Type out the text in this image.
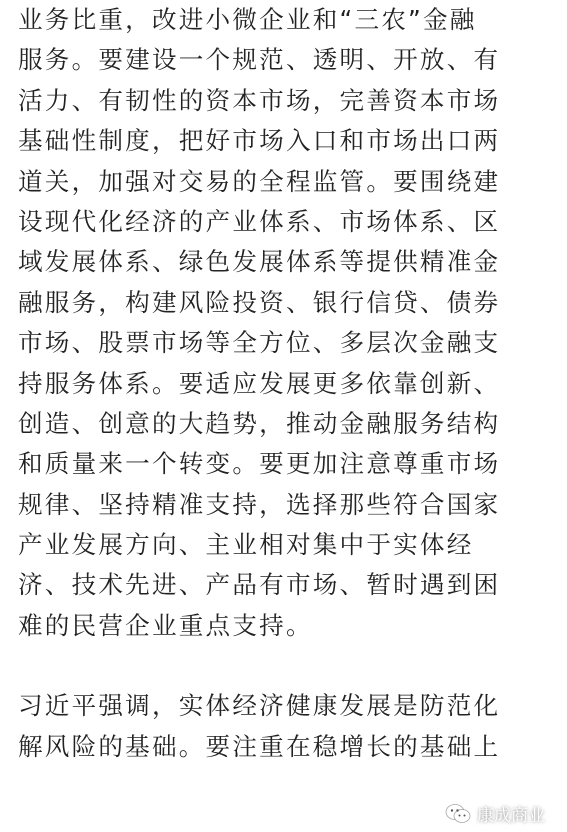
业务比重，改进小微企业和“三农”金融
服务。要建设一个规范、透明、开放、有
活力、有韧性的资本市场，完善资本市场
基础性制度，把好市场入口和市场出口两
道关，加强对交易的全程监管。要围绕建
设现代化经济的产业体系、市场体系、区
域发展体系、绿色发展体系等提供精准金
融服务，构建风险投资、银行信贷、债券
市场、股票市场等全方位、多层次金融支
持服务体系。要适应发展更多依靠创新、
创造、创意的大趋势，推动金融服务结构
和质量来一个转变。要更加注意尊重市场
规律、坚持精准支持，选择那些符合国家
产业发展方向、主业相对集中于实体经
济、技术先进、产品有市场、暂时遇到困
难的民营企业重点支持。
习近平强调，实体经济健康发展是防范化
解风险的基础。要注重在稳增长的基础上
康成商业
